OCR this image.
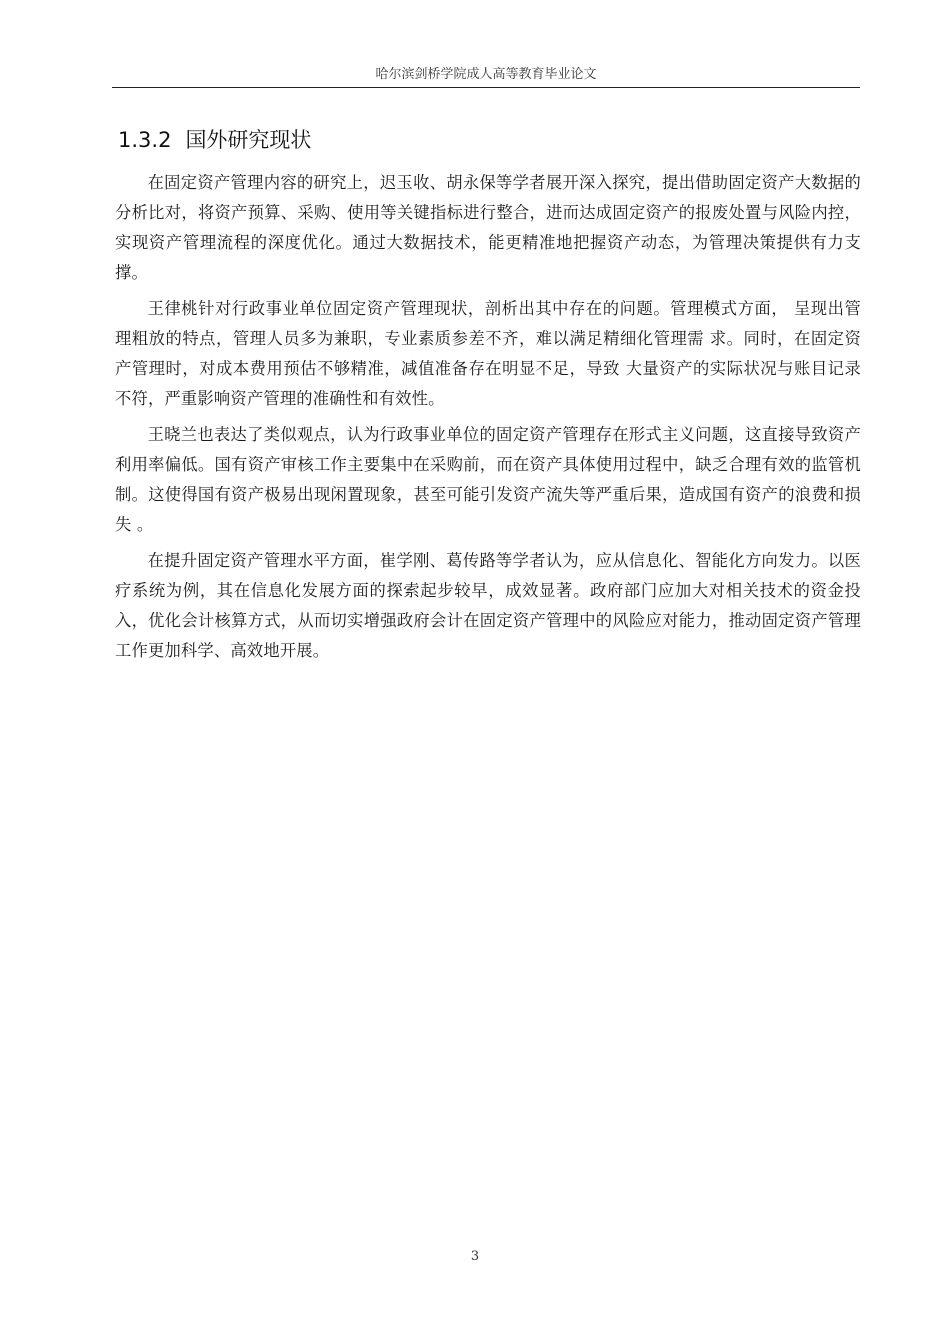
哈尔滨剑桥学院成人高等教育毕业论文
1.3.2 国外研究现状

在固定资产管理内容的研究上，迟玉收、胡永保等学者展开深入探究，提出借助固定资产大数据的分析比对，将资产预算、采购、使用等关键指标进行整合，进而达成固定资产的报废处置与风险内控，实现资产管理流程的深度优化。通过大数据技术，能更精准地把握资产动态，为管理决策提供有力支撑。

王律桃针对行政事业单位固定资产管理现状，剖析出其中存在的问题。管理模式方面， 呈现出管理粗放的特点，管理人员多为兼职，专业素质参差不齐，难以满足精细化管理需 求。同时，在固定资产管理时，对成本费用预估不够精准，减值准备存在明显不足，导致 大量资产的实际状况与账目记录不符，严重影响资产管理的准确性和有效性。

王晓兰也表达了类似观点，认为行政事业单位的固定资产管理存在形式主义问题，这直接导致资产利用率偏低。国有资产审核工作主要集中在采购前，而在资产具体使用过程中，缺乏合理有效的监管机制。这使得国有资产极易出现闲置现象，甚至可能引发资产流失等严重后果，造成国有资产的浪费和损失 。

在提升固定资产管理水平方面，崔学刚、葛传路等学者认为，应从信息化、智能化方向发力。以医疗系统为例，其在信息化发展方面的探索起步较早，成效显著。政府部门应加大对相关技术的资金投入，优化会计核算方式，从而切实增强政府会计在固定资产管理中的风险应对能力，推动固定资产管理工作更加科学、高效地开展。

3
